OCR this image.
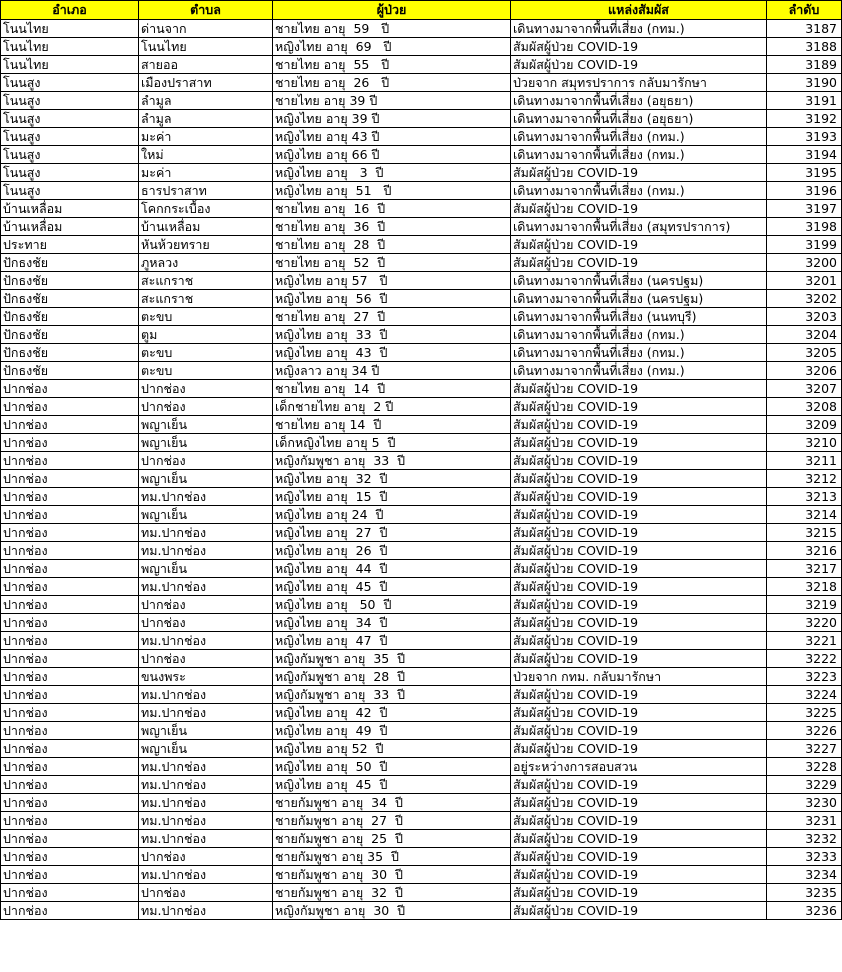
อำเภอ	ตำบล	ผู้ป่วย	แหล่งสัมผัส	ลำดับ
โนนไทย	ด่านจาก	ชายไทย อายุ  59   ปี	เดินทางมาจากพื้นที่เสี่ยง (กทม.)	3187
โนนไทย	โนนไทย	หญิงไทย อายุ  69   ปี	สัมผัสผู้ป่วย COVID-19	3188
โนนไทย	สายออ	ชายไทย อายุ  55   ปี	สัมผัสผู้ป่วย COVID-19	3189
โนนสูง	เมืองปราสาท	ชายไทย อายุ  26   ปี	ป่วยจาก สมุทรปราการ กลับมารักษา	3190
โนนสูง	ลำมูล	ชายไทย อายุ 39 ปี	เดินทางมาจากพื้นที่เสี่ยง (อยุธยา)	3191
โนนสูง	ลำมูล	หญิงไทย อายุ 39 ปี	เดินทางมาจากพื้นที่เสี่ยง (อยุธยา)	3192
โนนสูง	มะค่า	หญิงไทย อายุ 43 ปี	เดินทางมาจากพื้นที่เสี่ยง (กทม.)	3193
โนนสูง	ใหม่	หญิงไทย อายุ 66 ปี	เดินทางมาจากพื้นที่เสี่ยง (กทม.)	3194
โนนสูง	มะค่า	หญิงไทย อายุ   3  ปี	สัมผัสผู้ป่วย COVID-19	3195
โนนสูง	ธารปราสาท	หญิงไทย อายุ  51   ปี	เดินทางมาจากพื้นที่เสี่ยง (กทม.)	3196
บ้านเหลื่อม	โคกกระเบื้อง	ชายไทย อายุ  16  ปี	สัมผัสผู้ป่วย COVID-19	3197
บ้านเหลื่อม	บ้านเหลื่อม	ชายไทย อายุ  36  ปี	เดินทางมาจากพื้นที่เสี่ยง (สมุทรปราการ)	3198
ประทาย	หันห้วยทราย	ชายไทย อายุ  28  ปี	สัมผัสผู้ป่วย COVID-19	3199
ปักธงชัย	ภูหลวง	ชายไทย อายุ  52  ปี	สัมผัสผู้ป่วย COVID-19	3200
ปักธงชัย	สะแกราช	หญิงไทย อายุ 57   ปี	เดินทางมาจากพื้นที่เสี่ยง (นครปฐม)	3201
ปักธงชัย	สะแกราช	หญิงไทย อายุ  56  ปี	เดินทางมาจากพื้นที่เสี่ยง (นครปฐม)	3202
ปักธงชัย	ตะขบ	ชายไทย อายุ  27  ปี	เดินทางมาจากพื้นที่เสี่ยง (นนทบุรี)	3203
ปักธงชัย	ตูม	หญิงไทย อายุ  33  ปี	เดินทางมาจากพื้นที่เสี่ยง (กทม.)	3204
ปักธงชัย	ตะขบ	หญิงไทย อายุ  43  ปี	เดินทางมาจากพื้นที่เสี่ยง (กทม.)	3205
ปักธงชัย	ตะขบ	หญิงลาว อายุ 34 ปี	เดินทางมาจากพื้นที่เสี่ยง (กทม.)	3206
ปากช่อง	ปากช่อง	ชายไทย อายุ  14  ปี	สัมผัสผู้ป่วย COVID-19	3207
ปากช่อง	ปากช่อง	เด็กชายไทย อายุ  2 ปี	สัมผัสผู้ป่วย COVID-19	3208
ปากช่อง	พญาเย็น	ชายไทย อายุ 14  ปี	สัมผัสผู้ป่วย COVID-19	3209
ปากช่อง	พญาเย็น	เด็กหญิงไทย อายุ 5  ปี	สัมผัสผู้ป่วย COVID-19	3210
ปากช่อง	ปากช่อง	หญิงกัมพูชา อายุ  33  ปี	สัมผัสผู้ป่วย COVID-19	3211
ปากช่อง	พญาเย็น	หญิงไทย อายุ  32  ปี	สัมผัสผู้ป่วย COVID-19	3212
ปากช่อง	ทม.ปากช่อง	หญิงไทย อายุ  15  ปี	สัมผัสผู้ป่วย COVID-19	3213
ปากช่อง	พญาเย็น	หญิงไทย อายุ 24  ปี	สัมผัสผู้ป่วย COVID-19	3214
ปากช่อง	ทม.ปากช่อง	หญิงไทย อายุ  27  ปี	สัมผัสผู้ป่วย COVID-19	3215
ปากช่อง	ทม.ปากช่อง	หญิงไทย อายุ  26  ปี	สัมผัสผู้ป่วย COVID-19	3216
ปากช่อง	พญาเย็น	หญิงไทย อายุ  44  ปี	สัมผัสผู้ป่วย COVID-19	3217
ปากช่อง	ทม.ปากช่อง	หญิงไทย อายุ  45  ปี	สัมผัสผู้ป่วย COVID-19	3218
ปากช่อง	ปากช่อง	หญิงไทย อายุ   50  ปี	สัมผัสผู้ป่วย COVID-19	3219
ปากช่อง	ปากช่อง	หญิงไทย อายุ  34  ปี	สัมผัสผู้ป่วย COVID-19	3220
ปากช่อง	ทม.ปากช่อง	หญิงไทย อายุ  47  ปี	สัมผัสผู้ป่วย COVID-19	3221
ปากช่อง	ปากช่อง	หญิงกัมพูชา อายุ  35  ปี	สัมผัสผู้ป่วย COVID-19	3222
ปากช่อง	ขนงพระ	หญิงกัมพูชา อายุ  28  ปี	ป่วยจาก กทม. กลับมารักษา	3223
ปากช่อง	ทม.ปากช่อง	หญิงกัมพูชา อายุ  33  ปี	สัมผัสผู้ป่วย COVID-19	3224
ปากช่อง	ทม.ปากช่อง	หญิงไทย อายุ  42  ปี	สัมผัสผู้ป่วย COVID-19	3225
ปากช่อง	พญาเย็น	หญิงไทย อายุ  49  ปี	สัมผัสผู้ป่วย COVID-19	3226
ปากช่อง	พญาเย็น	หญิงไทย อายุ 52  ปี	สัมผัสผู้ป่วย COVID-19	3227
ปากช่อง	ทม.ปากช่อง	หญิงไทย อายุ  50  ปี	อยู่ระหว่างการสอบสวน	3228
ปากช่อง	ทม.ปากช่อง	หญิงไทย อายุ  45  ปี	สัมผัสผู้ป่วย COVID-19	3229
ปากช่อง	ทม.ปากช่อง	ชายกัมพูชา อายุ  34  ปี	สัมผัสผู้ป่วย COVID-19	3230
ปากช่อง	ทม.ปากช่อง	ชายกัมพูชา อายุ  27  ปี	สัมผัสผู้ป่วย COVID-19	3231
ปากช่อง	ทม.ปากช่อง	ชายกัมพูชา อายุ  25  ปี	สัมผัสผู้ป่วย COVID-19	3232
ปากช่อง	ปากช่อง	ชายกัมพูชา อายุ 35  ปี	สัมผัสผู้ป่วย COVID-19	3233
ปากช่อง	ทม.ปากช่อง	ชายกัมพูชา อายุ  30  ปี	สัมผัสผู้ป่วย COVID-19	3234
ปากช่อง	ปากช่อง	ชายกัมพูชา อายุ  32  ปี	สัมผัสผู้ป่วย COVID-19	3235
ปากช่อง	ทม.ปากช่อง	หญิงกัมพูชา อายุ  30  ปี	สัมผัสผู้ป่วย COVID-19	3236
